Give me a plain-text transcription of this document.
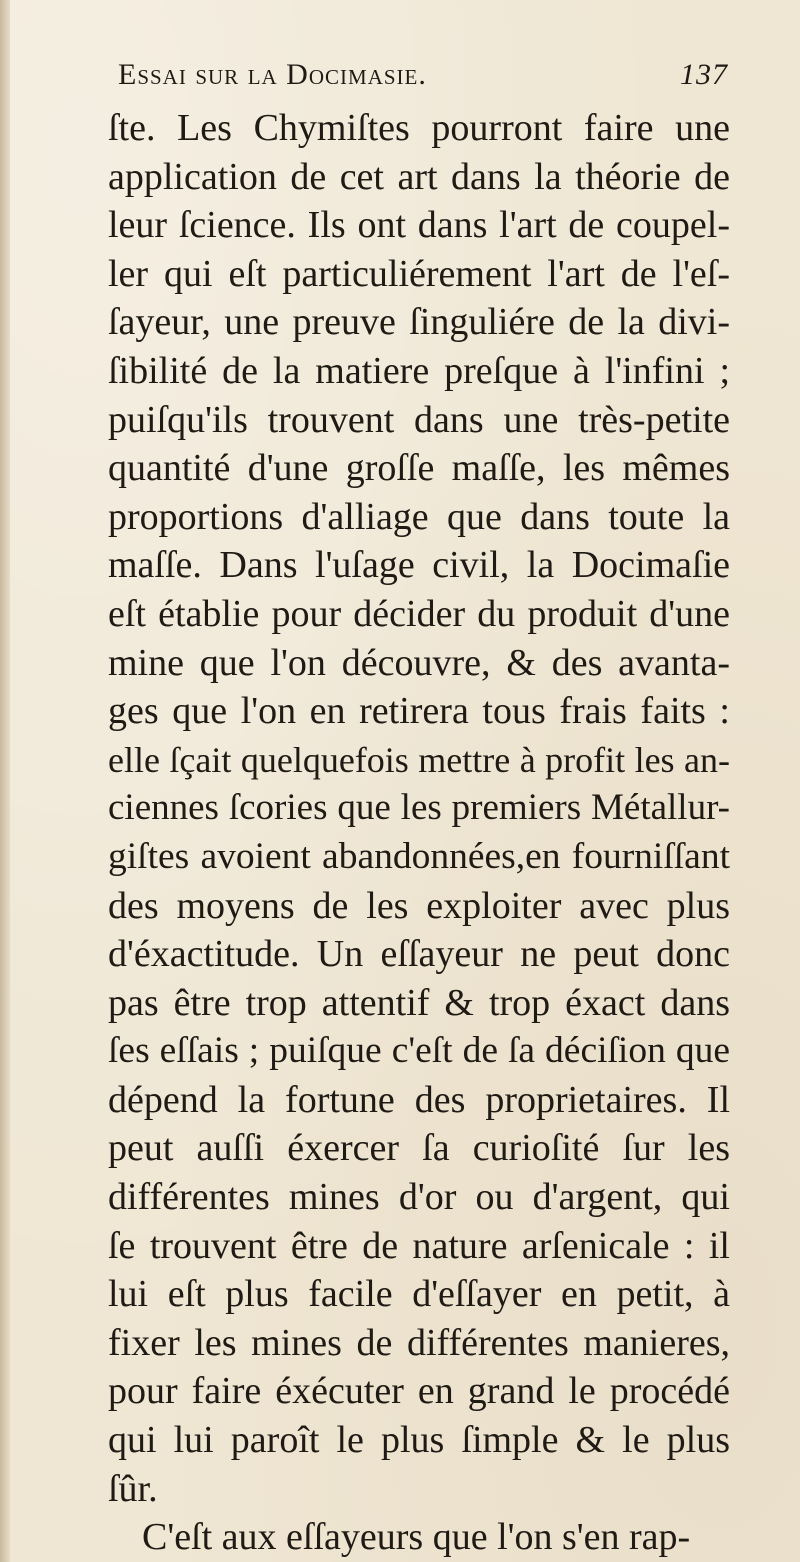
Essai sur la Docimasie.	137
ſte. Les Chymiſtes pourront faire une
application de cet art dans la théorie de
leur ſcience. Ils ont dans l'art de coupel-
ler qui eſt particuliérement l'art de l'eſ-
ſayeur, une preuve ſinguliére de la divi-
ſibilité de la matiere preſque à l'infini ;
puiſqu'ils trouvent dans une très-petite
quantité d'une groſſe maſſe, les mêmes
proportions d'alliage que dans toute la
maſſe. Dans l'uſage civil, la Docimaſie
eſt établie pour décider du produit d'une
mine que l'on découvre, & des avanta-
ges que l'on en retirera tous frais faits :
elle ſçait quelquefois mettre à profit les an-
ciennes ſcories que les premiers Métallur-
giſtes avoient abandonnées,en fourniſſant
des moyens de les exploiter avec plus
d'éxactitude. Un eſſayeur ne peut donc
pas être trop attentif & trop éxact dans
ſes eſſais ; puiſque c'eſt de ſa déciſion que
dépend la fortune des proprietaires. Il
peut auſſi éxercer ſa curioſité ſur les
différentes mines d'or ou d'argent, qui
ſe trouvent être de nature arſenicale : il
lui eſt plus facile d'eſſayer en petit, à
fixer les mines de différentes manieres,
pour faire éxécuter en grand le procédé
qui lui paroît le plus ſimple & le plus
ſûr.
C'eſt aux eſſayeurs que l'on s'en rap-
